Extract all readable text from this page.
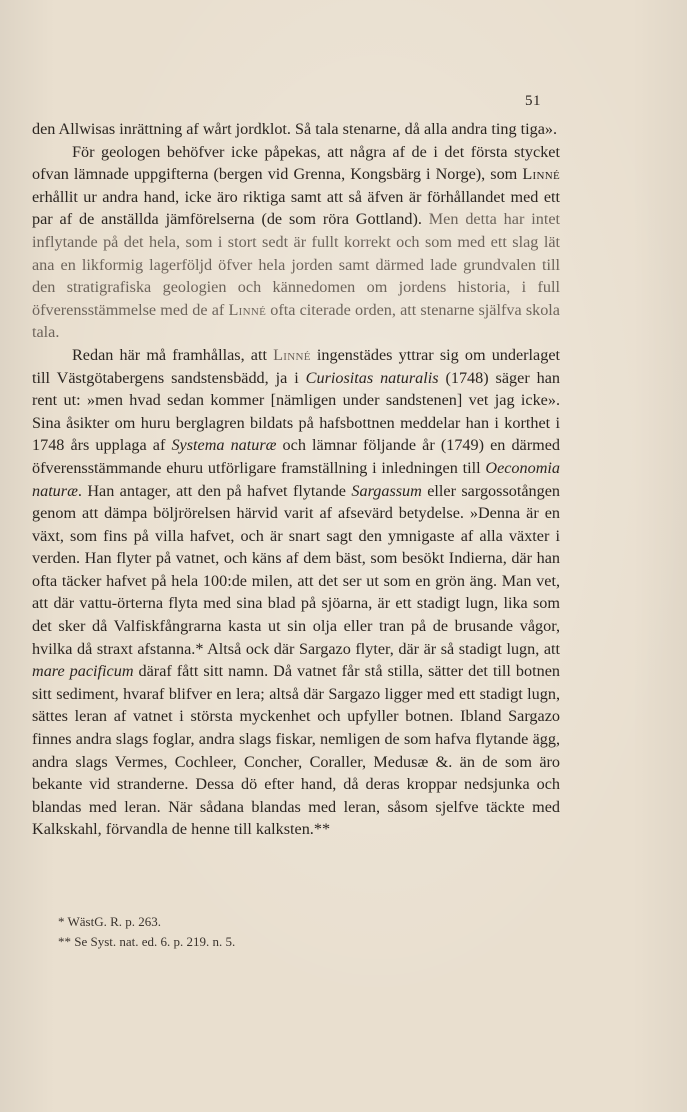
51

den Allwisas inrättning af wårt jordklot. Så tala stenarne, då alla andra ting tiga».

För geologen behöfver icke påpekas, att några af de i det första stycket ofvan lämnade uppgifterna (bergen vid Grenna, Kongsbärg i Norge), som Linné erhållit ur andra hand, icke äro riktiga samt att så äfven är förhållandet med ett par af de anställda jämförelserna (de som röra Gottland). Men detta har intet inflytande på det hela, som i stort sedt är fullt korrekt och som med ett slag lät ana en likformig lagerföljd öfver hela jorden samt därmed lade grundvalen till den stratigrafiska geologien och kännedomen om jordens historia, i full öfverensstämmelse med de af Linné ofta citerade orden, att stenarne själfva skola tala.

Redan här må framhållas, att Linné ingenstädes yttrar sig om underlaget till Västgötabergens sandstensbädd, ja i Curiositas naturalis (1748) säger han rent ut: »men hvad sedan kommer [nämligen under sandstenen] vet jag icke». Sina åsikter om huru berglagren bildats på hafsbottnen meddelar han i korthet i 1748 års upplaga af Systema naturæ och lämnar följande år (1749) en därmed öfverensstämmande ehuru utförligare framställning i inledningen till Oeconomia naturæ. Han antager, att den på hafvet flytande Sargassum eller sargossotången genom att dämpa böljrörelsen härvid varit af afsevärd betydelse. »Denna är en växt, som fins på villa hafvet, och är snart sagt den ymnigaste af alla växter i verden. Han flyter på vatnet, och käns af dem bäst, som besökt Indierna, där han ofta täcker hafvet på hela 100:de milen, att det ser ut som en grön äng. Man vet, att där vattu-örterna flyta med sina blad på sjöarna, är ett stadigt lugn, lika som det sker då Valfiskfångrarna kasta ut sin olja eller tran på de brusande vågor, hvilka då straxt afstanna.* Altså ock där Sargazo flyter, där är så stadigt lugn, att mare pacificum däraf fått sitt namn. Då vatnet får stå stilla, sätter det till botnen sitt sediment, hvaraf blifver en lera; altså där Sargazo ligger med ett stadigt lugn, sättes leran af vatnet i största myckenhet och upfyller botnen. Ibland Sargazo finnes andra slags foglar, andra slags fiskar, nemligen de som hafva flytande ägg, andra slags Vermes, Cochleer, Concher, Coraller, Medusæ &. än de som äro bekante vid stranderne. Dessa dö efter hand, då deras kroppar nedsjunka och blandas med leran. När sådana blandas med leran, såsom sjelfve täckte med Kalkskahl, förvandla de henne till kalksten.**

* WästG. R. p. 263.
** Se Syst. nat. ed. 6. p. 219. n. 5.
